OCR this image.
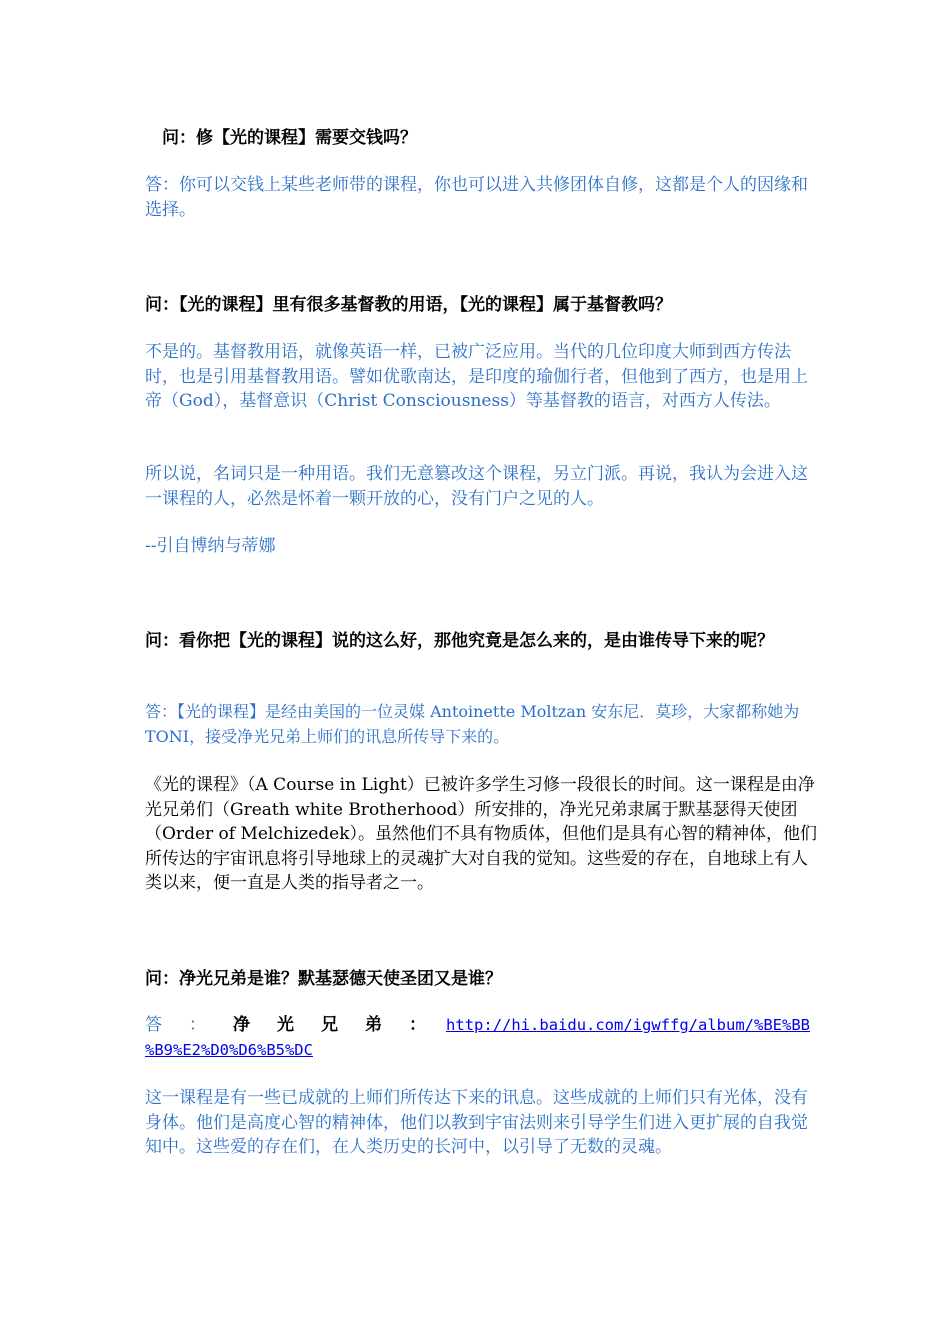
问：修【光的课程】需要交钱吗？

答：你可以交钱上某些老师带的课程，你也可以进入共修团体自修，这都是个人的因缘和选择。

问：【光的课程】里有很多基督教的用语，【光的课程】属于基督教吗？

不是的。基督教用语，就像英语一样，已被广泛应用。当代的几位印度大师到西方传法时，也是引用基督教用语。譬如优歌南达，是印度的瑜伽行者，但他到了西方，也是用上帝（God），基督意识（Christ Consciousness）等基督教的语言，对西方人传法。

所以说，名词只是一种用语。我们无意篡改这个课程，另立门派。再说，我认为会进入这一课程的人，必然是怀着一颗开放的心，没有门户之见的人。

--引自博纳与蒂娜

问：看你把【光的课程】说的这么好，那他究竟是怎么来的，是由谁传导下来的呢？

答：【光的课程】是经由美国的一位灵媒 Antoinette Moltzan 安东尼．莫珍，大家都称她为TONI，接受净光兄弟上师们的讯息所传导下来的。

《光的课程》（A Course in Light）已被许多学生习修一段很长的时间。这一课程是由净光兄弟们（Greath white Brotherhood）所安排的，净光兄弟隶属于默基瑟得天使团（Order of Melchizedek）。虽然他们不具有物质体，但他们是具有心智的精神体，他们所传达的宇宙讯息将引导地球上的灵魂扩大对自我的觉知。这些爱的存在，自地球上有人类以来，便一直是人类的指导者之一。

问：净光兄弟是谁？默基瑟德天使圣团又是谁？

答 ： 净 光 兄 弟 ： http://hi.baidu.com/igwffg/album/%BE%BB
%B9%E2%D0%D6%B5%DC

这一课程是有一些已成就的上师们所传达下来的讯息。这些成就的上师们只有光体，没有身体。他们是高度心智的精神体，他们以教到宇宙法则来引导学生们进入更扩展的自我觉知中。这些爱的存在们，在人类历史的长河中，以引导了无数的灵魂。
